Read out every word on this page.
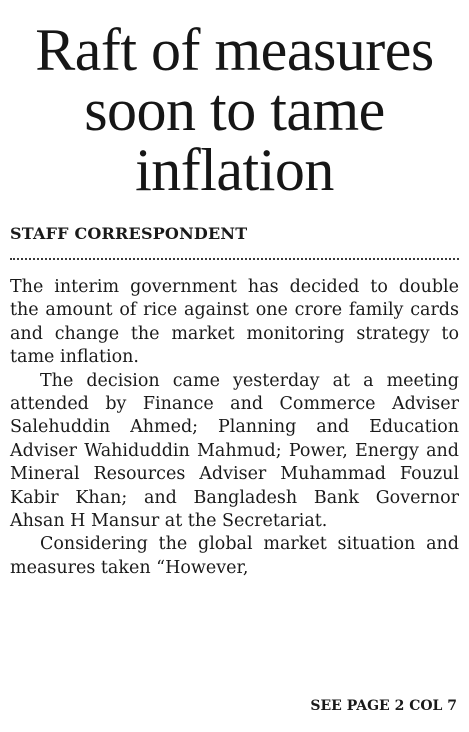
Raft of measures
soon to tame
inflation
STAFF CORRESPONDENT

The interim government has decided to double the amount of rice against one crore family cards and change the market monitoring strategy to tame inflation.

The decision came yesterday at a meeting attended by Finance and Commerce Adviser Salehuddin Ahmed; Planning and Education Adviser Wahiduddin Mahmud; Power, Energy and Mineral Resources Adviser Muhammad Fouzul Kabir Khan; and Bangladesh Bank Governor Ahsan H Mansur at the Secretariat.

Considering the global market situation and measures taken “However,

SEE PAGE 2 COL 7
